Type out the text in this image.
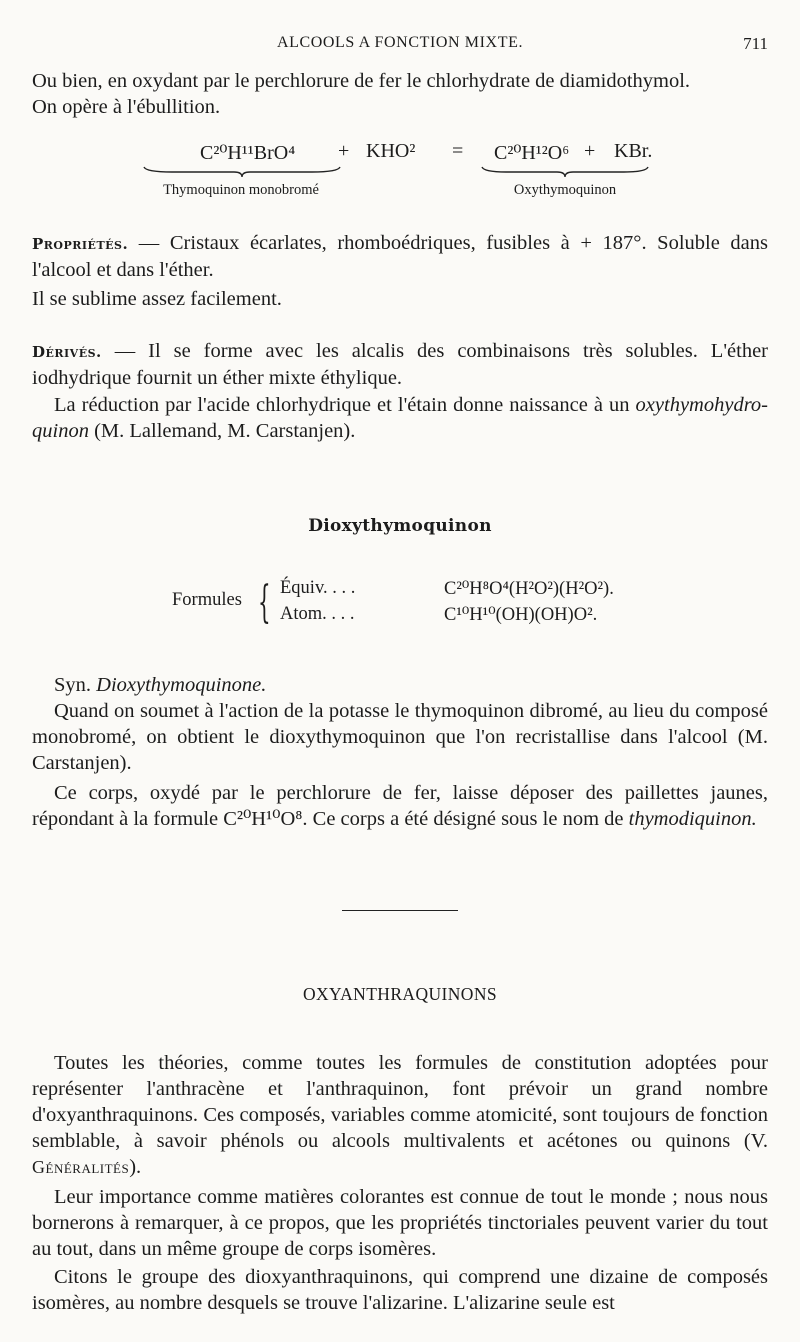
ALCOOLS A FONCTION MIXTE.	711

Ou bien, en oxydant par le perchlorure de fer le chlorhydrate de diamidothymol.

On opère à l'ébullition.

C²⁰H¹¹BrO⁴ + KHO² = C²⁰H¹²O⁶ + KBr.
Thymoquinon monobromé	Oxythymoquinon

Propriétés. — Cristaux écarlates, rhomboédriques, fusibles à + 187°. Soluble dans l'alcool et dans l'éther.

Il se sublime assez facilement.

Dérivés. — Il se forme avec les alcalis des combinaisons très solubles. L'éther iodhydrique fournit un éther mixte éthylique.

La réduction par l'acide chlorhydrique et l'étain donne naissance à un oxythymohydro-quinon (M. Lallemand, M. Carstanjen).

Dioxythymoquinon
Formules { Équiv. . . .	C²⁰H⁸O⁴(H²O²)(H²O²).
Atom. . . .	C¹⁰H¹⁰(OH)(OH)O².

Syn. Dioxythymoquinone.

Quand on soumet à l'action de la potasse le thymoquinon dibromé, au lieu du composé monobromé, on obtient le dioxythymoquinon que l'on recristallise dans l'alcool (M. Carstanjen).

Ce corps, oxydé par le perchlorure de fer, laisse déposer des paillettes jaunes, répondant à la formule C²⁰H¹⁰O⁸. Ce corps a été désigné sous le nom de thymodiquinon.

OXYANTHRAQUINONS

Toutes les théories, comme toutes les formules de constitution adoptées pour représenter l'anthracène et l'anthraquinon, font prévoir un grand nombre d'oxyanthraquinons. Ces composés, variables comme atomicité, sont toujours de fonction semblable, à savoir phénols ou alcools multivalents et acétones ou quinons (V. Généralités).

Leur importance comme matières colorantes est connue de tout le monde ; nous nous bornerons à remarquer, à ce propos, que les propriétés tinctoriales peuvent varier du tout au tout, dans un même groupe de corps isomères.

Citons le groupe des dioxyanthraquinons, qui comprend une dizaine de composés isomères, au nombre desquels se trouve l'alizarine. L'alizarine seule est
